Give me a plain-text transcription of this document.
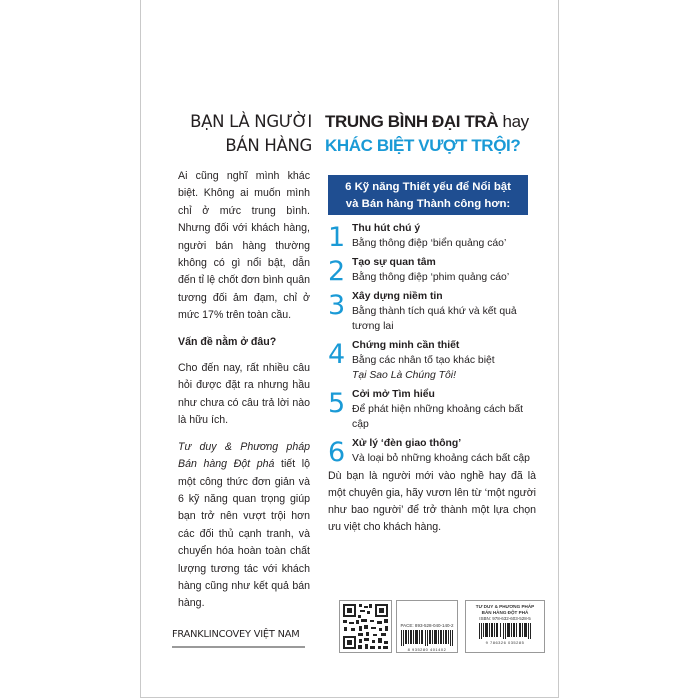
BẠN LÀ NGƯỜI
BÁN HÀNG
TRUNG BÌNH ĐẠI TRÀ hay
KHÁC BIỆT VƯỢT TRỘI?

Ai cũng nghĩ mình khác biệt. Không ai muốn mình chỉ ở mức trung bình. Nhưng đối với khách hàng, người bán hàng thường không có gì nổi bật, dẫn đến tỉ lệ chốt đơn bình quân tương đối ảm đạm, chỉ ở mức 17% trên toàn cầu.

Vấn đề nằm ở đâu?

Cho đến nay, rất nhiều câu hỏi được đặt ra nhưng hầu như chưa có câu trả lời nào là hữu ích.

Tư duy & Phương pháp Bán hàng Đột phá tiết lộ một công thức đơn giản và 6 kỹ năng quan trọng giúp bạn trở nên vượt trội hơn các đối thủ cạnh tranh, và chuyển hóa hoàn toàn chất lượng tương tác với khách hàng cũng như kết quả bán hàng.

6 Kỹ năng Thiết yếu để Nổi bật
và Bán hàng Thành công hơn:
1 Thu hút chú ý
Bằng thông điệp ‘biển quảng cáo’
2 Tạo sự quan tâm
Bằng thông điệp ‘phim quảng cáo’
3 Xây dựng niềm tin
Bằng thành tích quá khứ và kết quả tương lai
4 Chứng minh cần thiết
Bằng các nhân tố tạo khác biệt
Tại Sao Là Chúng Tôi!
5 Cởi mở Tìm hiểu
Để phát hiện những khoảng cách bất cập
6 Xử lý ‘đèn giao thông’
Và loại bỏ những khoảng cách bất cập
Dù bạn là người mới vào nghề hay đã là một chuyên gia, hãy vươn lên từ ‘một người như bao người’ để trở thành một lựa chọn ưu việt cho khách hàng.
FRANKLINCOVEY VIỆT NAM
PACE: 893-528-040-140-2
8 935280 401402
TƯ DUY & PHƯƠNG PHÁP
BÁN HÀNG ĐỘT PHÁ
ISBN: 978-632-603-528-5
9 786326 035285
